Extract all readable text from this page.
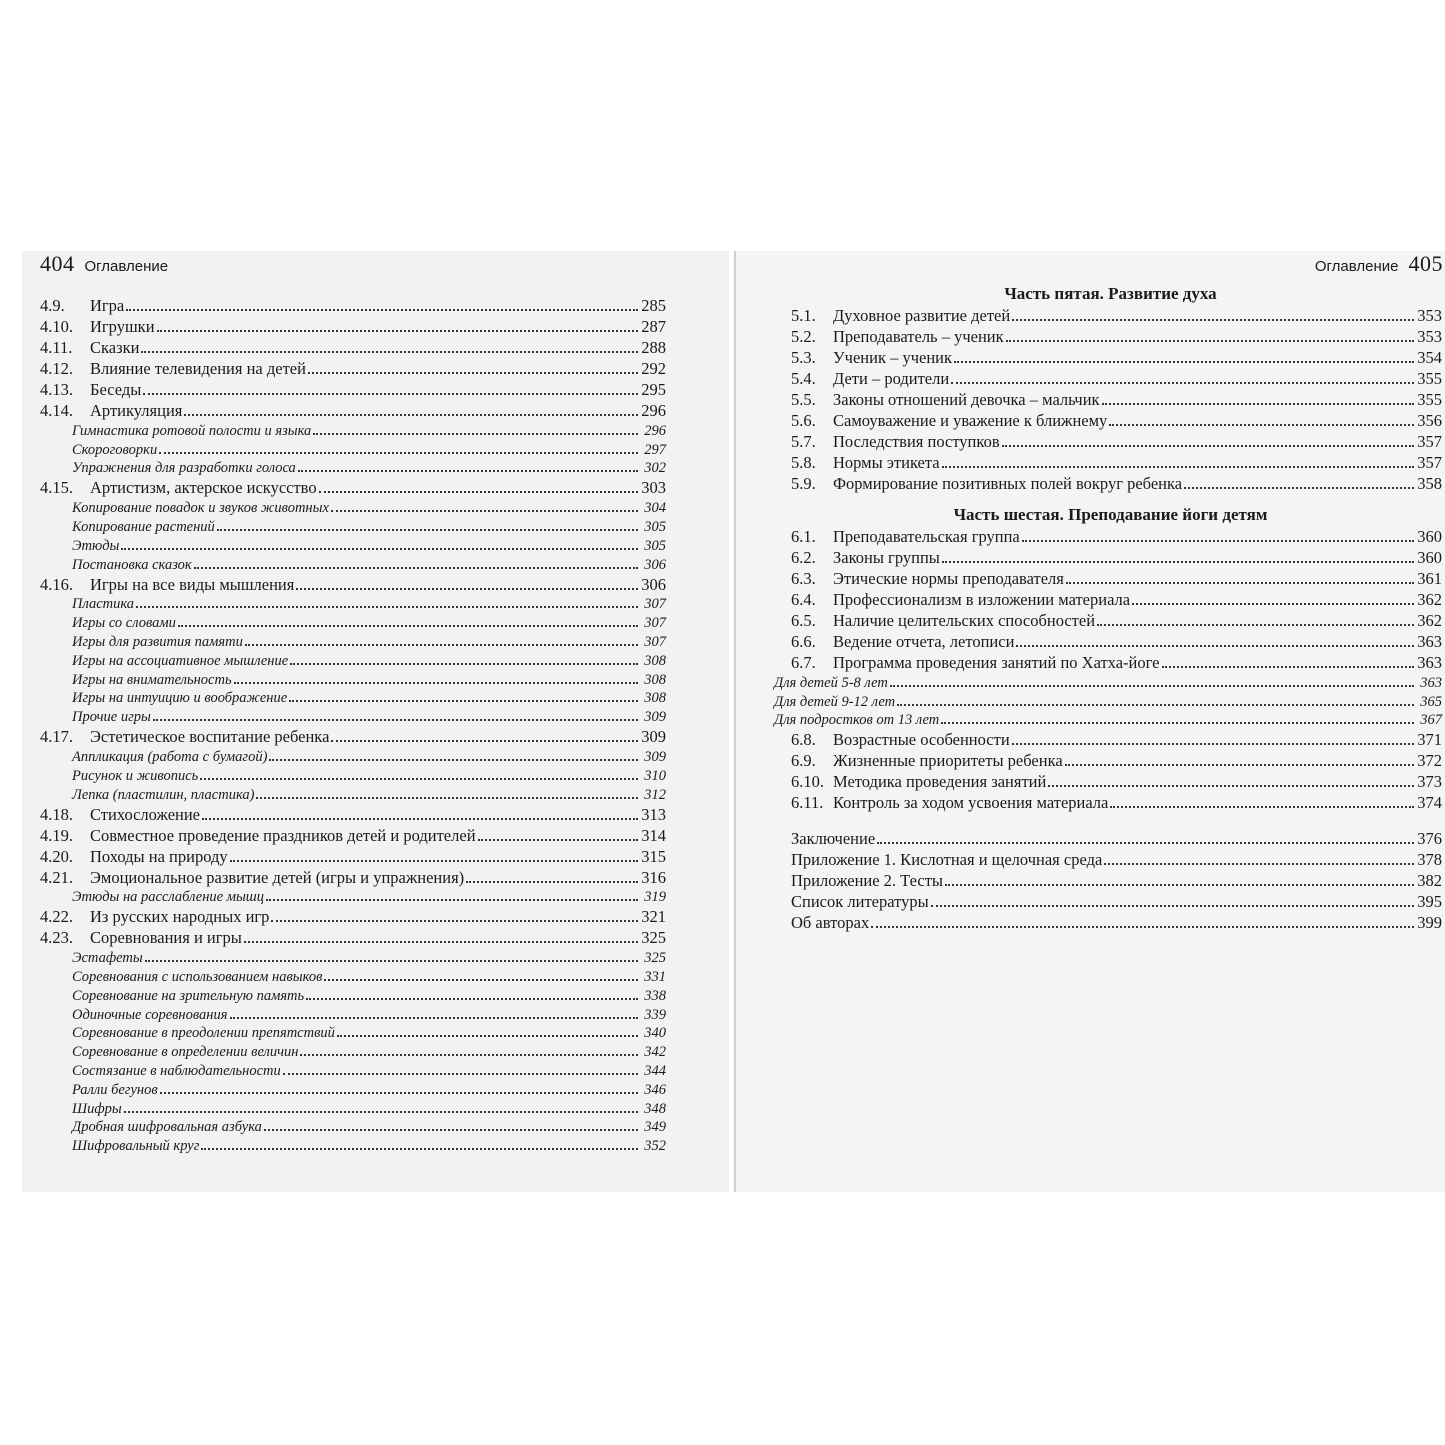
404 Оглавление
4.9.	Игра	285
4.10.	Игрушки	287
4.11.	Сказки	288
4.12.	Влияние телевидения на детей	292
4.13.	Беседы	295
4.14.	Артикуляция	296
Гимнастика ротовой полости и языка	296
Скороговорки	297
Упражнения для разработки голоса	302
4.15.	Артистизм, актерское искусство	303
Копирование повадок и звуков животных	304
Копирование растений	305
Этюды	305
Постановка сказок	306
4.16.	Игры на все виды мышления	306
Пластика	307
Игры со словами	307
Игры для развития памяти	307
Игры на ассоциативное мышление	308
Игры на внимательность	308
Игры на интуицию и воображение	308
Прочие игры	309
4.17.	Эстетическое воспитание ребенка	309
Аппликация (работа с бумагой)	309
Рисунок и живопись	310
Лепка (пластилин, пластика)	312
4.18.	Стихосложение	313
4.19.	Совместное проведение праздников детей и родителей	314
4.20.	Походы на природу	315
4.21.	Эмоциональное развитие детей (игры и упражнения)	316
Этюды на расслабление мышц	319
4.22.	Из русских народных игр	321
4.23.	Соревнования и игры	325
Эстафеты	325
Соревнования с использованием навыков	331
Соревнование на зрительную память	338
Одиночные соревнования	339
Соревнование в преодолении препятствий	340
Соревнование в определении величин	342
Состязание в наблюдательности	344
Ралли бегунов	346
Шифры	348
Дробная шифровальная азбука	349
Шифровальный круг	352
Оглавление 405
Часть пятая. Развитие духа
5.1.	Духовное развитие детей	353
5.2.	Преподаватель – ученик	353
5.3.	Ученик – ученик	354
5.4.	Дети – родители	355
5.5.	Законы отношений девочка – мальчик	355
5.6.	Самоуважение и уважение к ближнему	356
5.7.	Последствия поступков	357
5.8.	Нормы этикета	357
5.9.	Формирование позитивных полей вокруг ребенка	358
Часть шестая. Преподавание йоги детям
6.1.	Преподавательская группа	360
6.2.	Законы группы	360
6.3.	Этические нормы преподавателя	361
6.4.	Профессионализм в изложении материала	362
6.5.	Наличие целительских способностей	362
6.6.	Ведение отчета, летописи	363
6.7.	Программа проведения занятий по Хатха-йоге	363
Для детей 5-8 лет	363
Для детей 9-12 лет	365
Для подростков от 13 лет	367
6.8.	Возрастные особенности	371
6.9.	Жизненные приоритеты ребенка	372
6.10. Методика проведения занятий	373
6.11. Контроль за ходом усвоения материала	374
Заключение	376
Приложение 1. Кислотная и щелочная среда	378
Приложение 2. Тесты	382
Список литературы	395
Об авторах	399
